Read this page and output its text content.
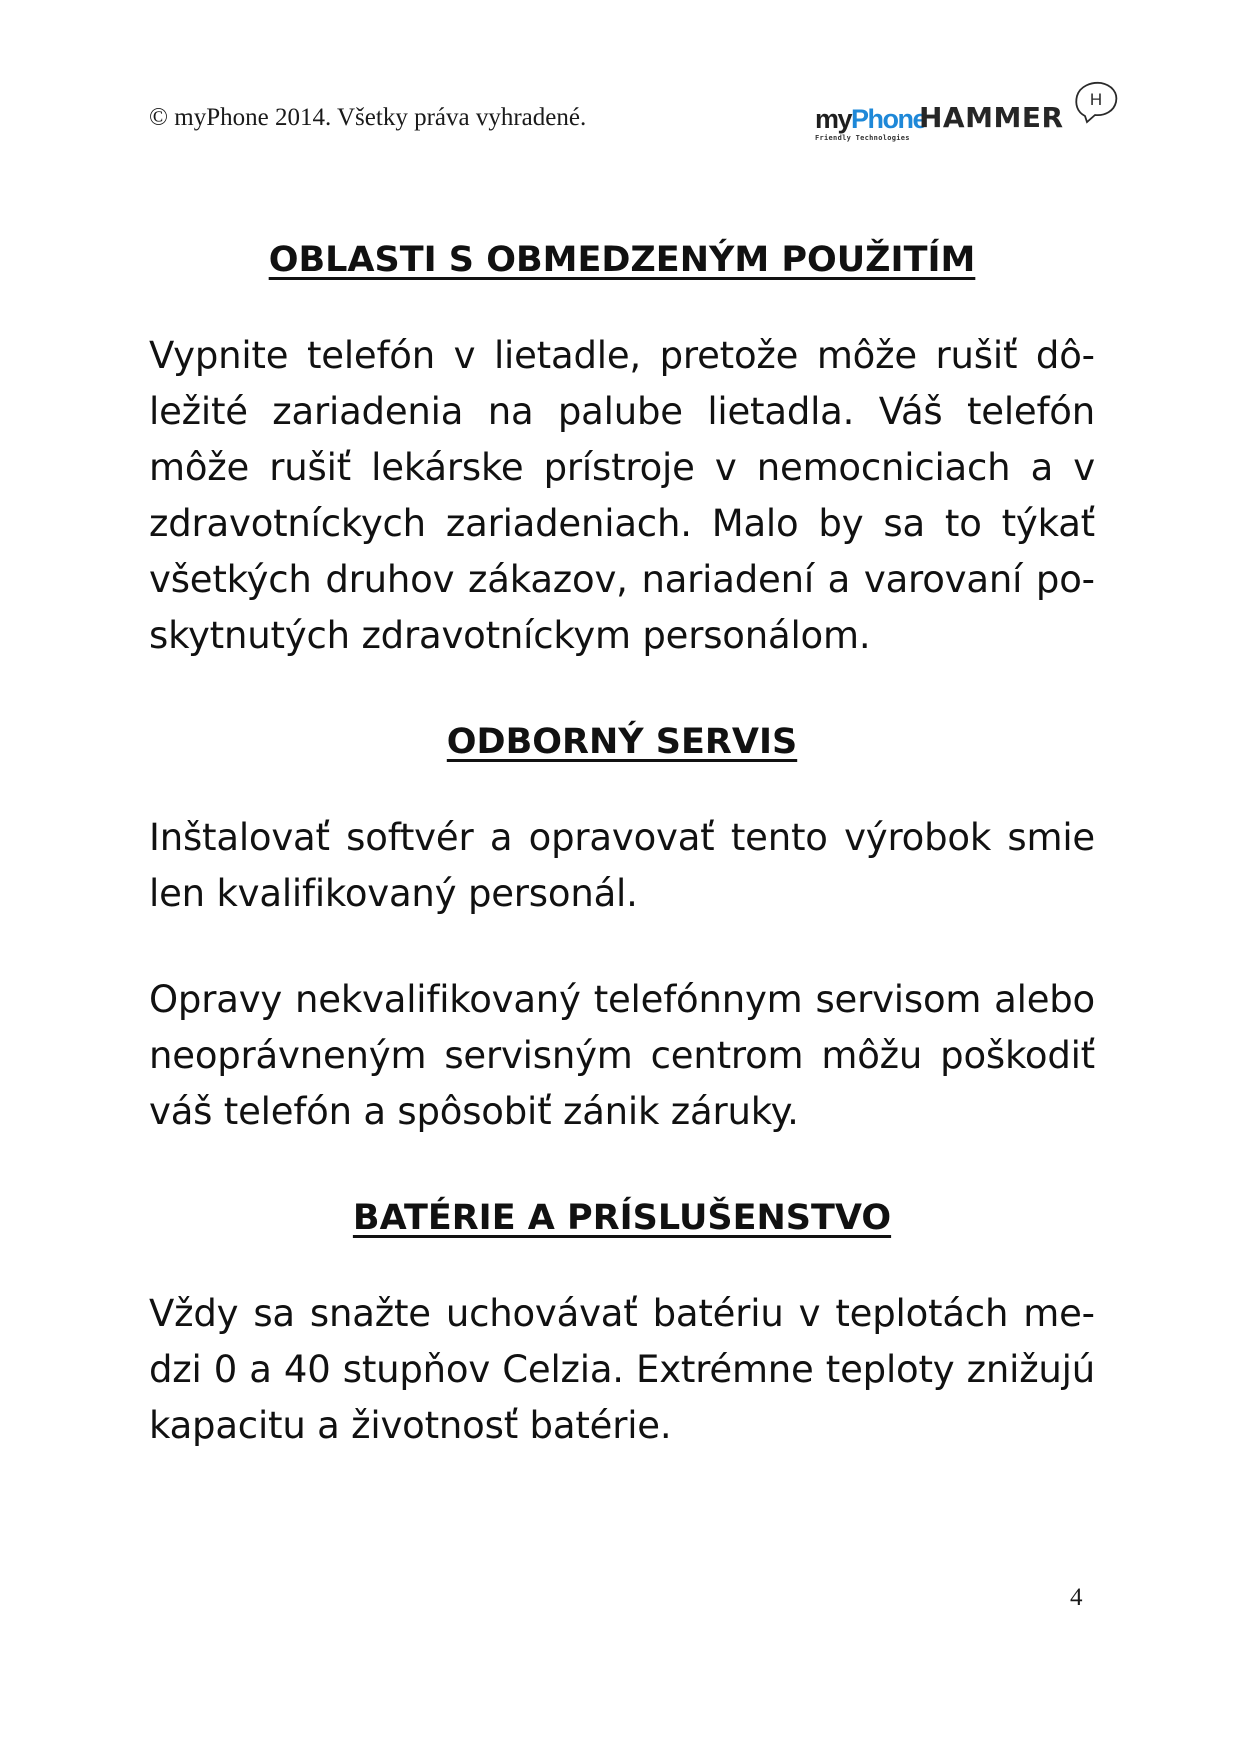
© myPhone 2014. Všetky práva vyhradené.	myPhone
Friendly Technologies
HAMMER
H
OBLASTI S OBMEDZENÝM POUŽITÍM

Vypnite telefón v lietadle, pretože môže rušiť dôležité zariadenia na palube lietadla. Váš telefón môže rušiť lekárske prístroje v nemocniciach a v zdravotníckych zariadeniach. Malo by sa to týkať všetkých druhov zákazov, nariadení a varovaní poskytnutých zdravotníckym personálom.

ODBORNÝ SERVIS

Inštalovať softvér a opravovať tento výrobok smie len kvalifikovaný personál.

Opravy nekvalifikovaný telefónnym servisom alebo neoprávneným servisným centrom môžu poškodiť váš telefón a spôsobiť zánik záruky.

BATÉRIE A PRÍSLUŠENSTVO

Vždy sa snažte uchovávať batériu v teplotách medzi 0 a 40 stupňov Celzia. Extrémne teploty znižujú kapacitu a životnosť batérie.

4
